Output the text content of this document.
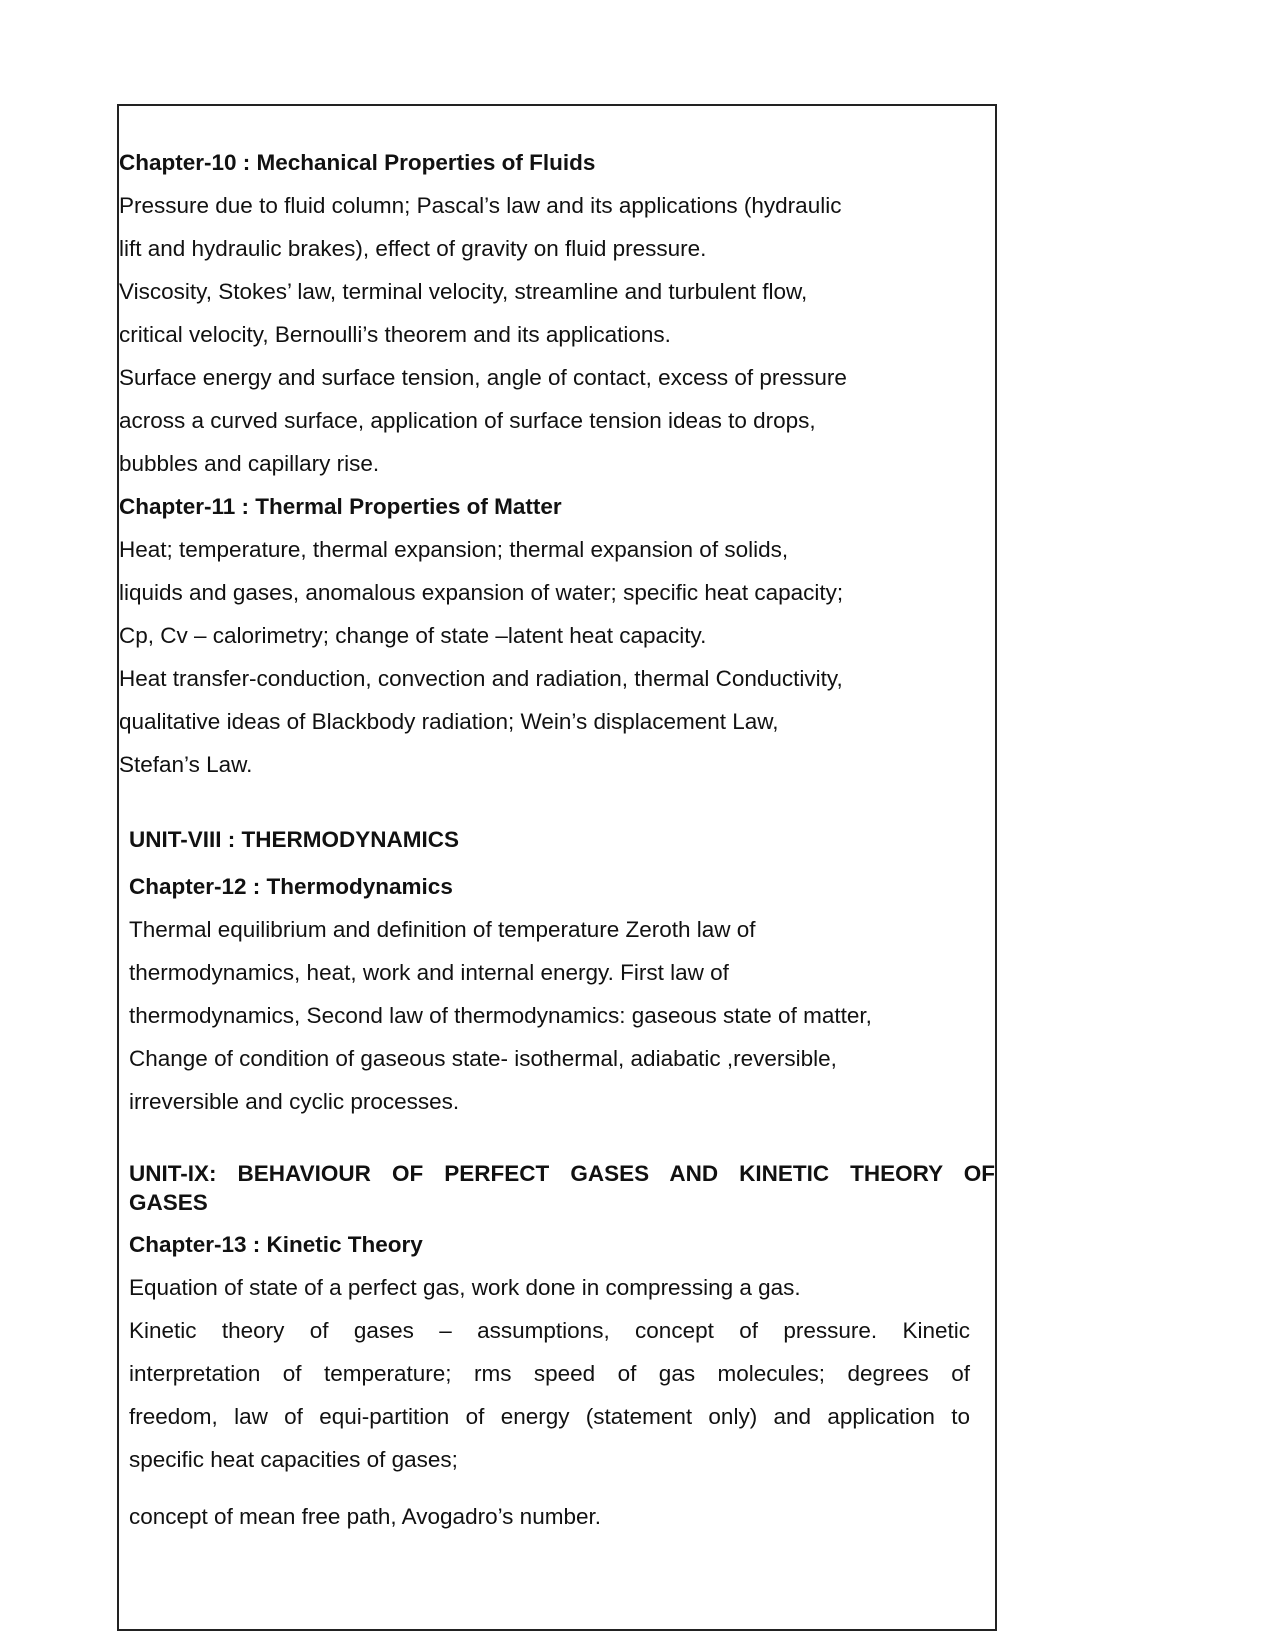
Chapter-10 : Mechanical Properties of Fluids
Pressure due to fluid column; Pascal’s law and its applications (hydraulic
lift and hydraulic brakes), effect of gravity on fluid pressure.
Viscosity, Stokes’ law, terminal velocity, streamline and turbulent flow,
critical velocity, Bernoulli’s theorem and its applications.
Surface energy and surface tension, angle of contact, excess of pressure
across a curved surface, application of surface tension ideas to drops,
bubbles and capillary rise.
Chapter-11 : Thermal Properties of Matter
Heat; temperature, thermal expansion; thermal expansion of solids,
liquids and gases, anomalous expansion of water; specific heat capacity;
Cp, Cv – calorimetry; change of state –latent heat capacity.
Heat transfer-conduction, convection and radiation, thermal Conductivity,
qualitative ideas of Blackbody radiation; Wein’s displacement Law,
Stefan’s Law.
UNIT-VIII : THERMODYNAMICS
Chapter-12 : Thermodynamics
Thermal equilibrium and definition of temperature Zeroth law of
thermodynamics, heat, work and internal energy. First law of
thermodynamics, Second law of thermodynamics: gaseous state of matter,
Change of condition of gaseous state- isothermal, adiabatic ,reversible,
irreversible and cyclic processes.
UNIT-IX: BEHAVIOUR OF PERFECT GASES AND KINETIC THEORY OF
GASES
Chapter-13 : Kinetic Theory
Equation of state of a perfect gas, work done in compressing a gas.
Kinetic theory of gases – assumptions, concept of pressure. Kinetic
interpretation of temperature; rms speed of gas molecules; degrees of
freedom, law of equi-partition of energy (statement only) and application to
specific heat capacities of gases;
concept of mean free path, Avogadro’s number.
